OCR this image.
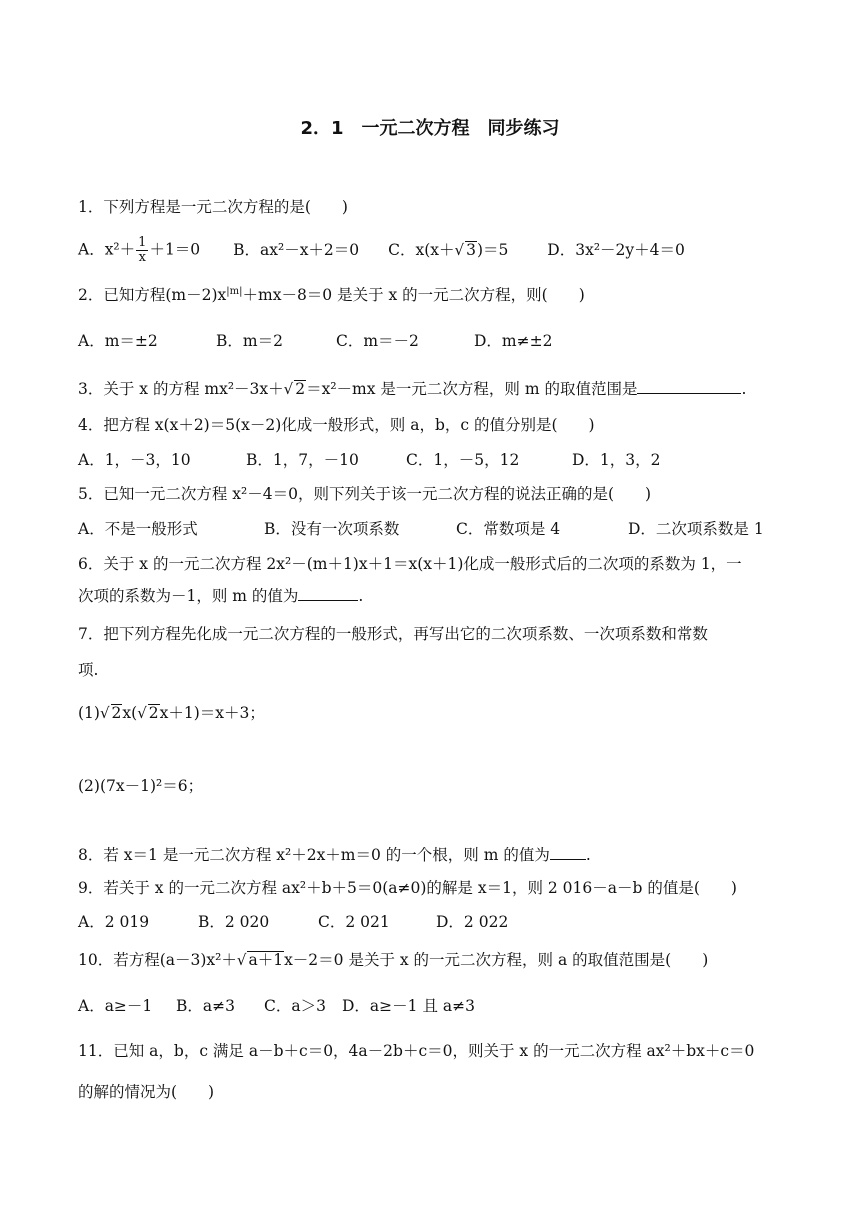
2．1　一元二次方程　同步练习
1．下列方程是一元二次方程的是(　　)
A．$x^2+ \frac{1}{x} +1=0$ B．ax²－x＋2＝0 C．x(x＋√ 3)＝5	D．3x²－2y＋4＝0
2．已知方程$(m-2)x^{|m|}+mx-8=0$ 是关于 x 的一元二次方程，则(　　)
A．m＝±2	B．m＝2	C．m＝－2	D．m≠±2
3．关于 x 的方程 mx²－3x＋√ 2＝x²－mx 是一元二次方程，则 m 的取值范围是	.
4．把方程 x(x＋2)＝5(x－2)化成一般形式，则 a，b，c 的值分别是(　　)
A．1，－3，10	B．1，7，－10	C．1，－5，12	D．1，3，2
5．已知一元二次方程 x²－4＝0，则下列关于该一元二次方程的说法正确的是(　　)
A．不是一般形式	B．没有一次项系数	C．常数项是 4	D．二次项系数是 1
6．关于 x 的一元二次方程 2x²－(m＋1)x＋1＝x(x＋1)化成一般形式后的二次项的系数为 1，一
次项的系数为－1，则 m 的值为	.
7．把下列方程先化成一元二次方程的一般形式，再写出它的二次项系数、一次项系数和常数
项.
(1)√ 2x(√ 2x＋1)＝x＋3；
(2)(7x－1)²＝6；
8．若 x＝1 是一元二次方程 x²＋2x＋m＝0 的一个根，则 m 的值为 .
9．若关于 x 的一元二次方程 ax²＋b＋5＝0(a≠0)的解是 x＝1，则 2 016－a－b 的值是(　　)
A．2 019	B．2 020	C．2 021	D．2 022
10．若方程(a－3)x²＋√ a＋1x－2＝0 是关于 x 的一元二次方程，则 a 的取值范围是(　　)
A．a≥－1 B．a≠3 C．a＞3 D．a≥－1 且 a≠3
11．已知 a，b，c 满足 a－b＋c＝0，4a－2b＋c＝0，则关于 x 的一元二次方程 ax²＋bx＋c＝0
的解的情况为(　　)
